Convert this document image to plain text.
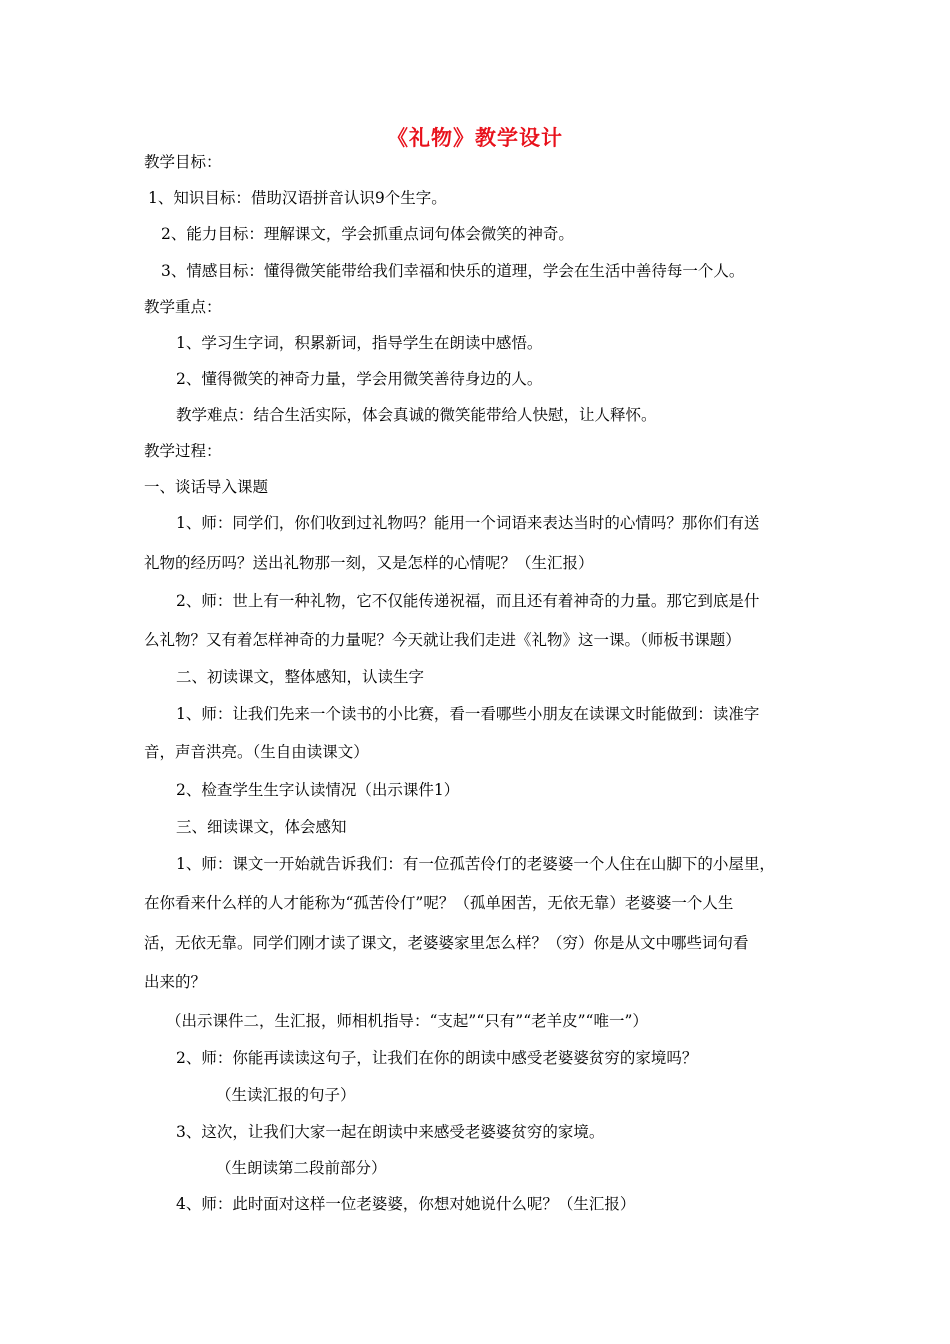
《礼物》教学设计
教学目标：
1、知识目标：借助汉语拼音认识9个生字。
2、能力目标：理解课文，学会抓重点词句体会微笑的神奇。
3、情感目标：懂得微笑能带给我们幸福和快乐的道理，学会在生活中善待每一个人。
教学重点：
1、学习生字词，积累新词，指导学生在朗读中感悟。
2、懂得微笑的神奇力量，学会用微笑善待身边的人。
教学难点：结合生活实际，体会真诚的微笑能带给人快慰，让人释怀。
教学过程：
一、谈话导入课题
1、师：同学们，你们收到过礼物吗？能用一个词语来表达当时的心情吗？那你们有送
礼物的经历吗？送出礼物那一刻，又是怎样的心情呢？（生汇报）
2、师：世上有一种礼物，它不仅能传递祝福，而且还有着神奇的力量。那它到底是什
么礼物？又有着怎样神奇的力量呢？今天就让我们走进《礼物》这一课。（师板书课题）
二、初读课文，整体感知，认读生字
1、师：让我们先来一个读书的小比赛，看一看哪些小朋友在读课文时能做到：读准字
音，声音洪亮。（生自由读课文）
2、检查学生生字认读情况（出示课件1）
三、细读课文，体会感知
1、师：课文一开始就告诉我们：有一位孤苦伶仃的老婆婆一个人住在山脚下的小屋里，
在你看来什么样的人才能称为“孤苦伶仃”呢？（孤单困苦，无依无靠）老婆婆一个人生
活，无依无靠。同学们刚才读了课文，老婆婆家里怎么样？（穷）你是从文中哪些词句看
出来的？
（出示课件二，生汇报，师相机指导：“支起”“只有”“老羊皮”“唯一”）
2、师：你能再读读这句子，让我们在你的朗读中感受老婆婆贫穷的家境吗？
（生读汇报的句子）
3、这次，让我们大家一起在朗读中来感受老婆婆贫穷的家境。
（生朗读第二段前部分）
4、师：此时面对这样一位老婆婆，你想对她说什么呢？（生汇报）
